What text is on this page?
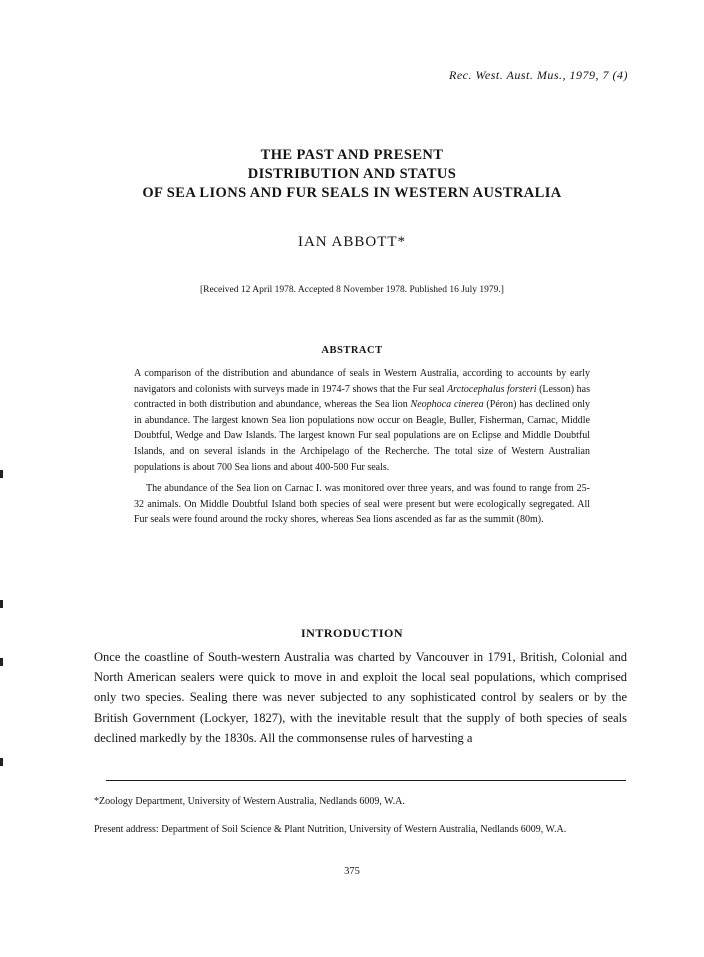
Rec. West. Aust. Mus., 1979, 7 (4)
THE PAST AND PRESENT
DISTRIBUTION AND STATUS
OF SEA LIONS AND FUR SEALS IN WESTERN AUSTRALIA
IAN ABBOTT*
[Received 12 April 1978. Accepted 8 November 1978. Published 16 July 1979.]
ABSTRACT

A comparison of the distribution and abundance of seals in Western Australia, according to accounts by early navigators and colonists with surveys made in 1974-7 shows that the Fur seal Arctocephalus forsteri (Lesson) has contracted in both distribution and abundance, whereas the Sea lion Neophoca cinerea (Péron) has declined only in abundance. The largest known Sea lion populations now occur on Beagle, Buller, Fisherman, Carnac, Middle Doubtful, Wedge and Daw Islands. The largest known Fur seal populations are on Eclipse and Middle Doubtful Islands, and on several islands in the Archipelago of the Recherche. The total size of Western Australian populations is about 700 Sea lions and about 400-500 Fur seals.

The abundance of the Sea lion on Carnac I. was monitored over three years, and was found to range from 25-32 animals. On Middle Doubtful Island both species of seal were present but were ecologically segregated. All Fur seals were found around the rocky shores, whereas Sea lions ascended as far as the summit (80m).

INTRODUCTION

Once the coastline of South-western Australia was charted by Vancouver in 1791, British, Colonial and North American sealers were quick to move in and exploit the local seal populations, which comprised only two species. Sealing there was never subjected to any sophisticated control by sealers or by the British Government (Lockyer, 1827), with the inevitable result that the supply of both species of seals declined markedly by the 1830s. All the commonsense rules of harvesting a

*Zoology Department, University of Western Australia, Nedlands 6009, W.A.
Present address: Department of Soil Science & Plant Nutrition, University of Western Australia, Nedlands 6009, W.A.
375
